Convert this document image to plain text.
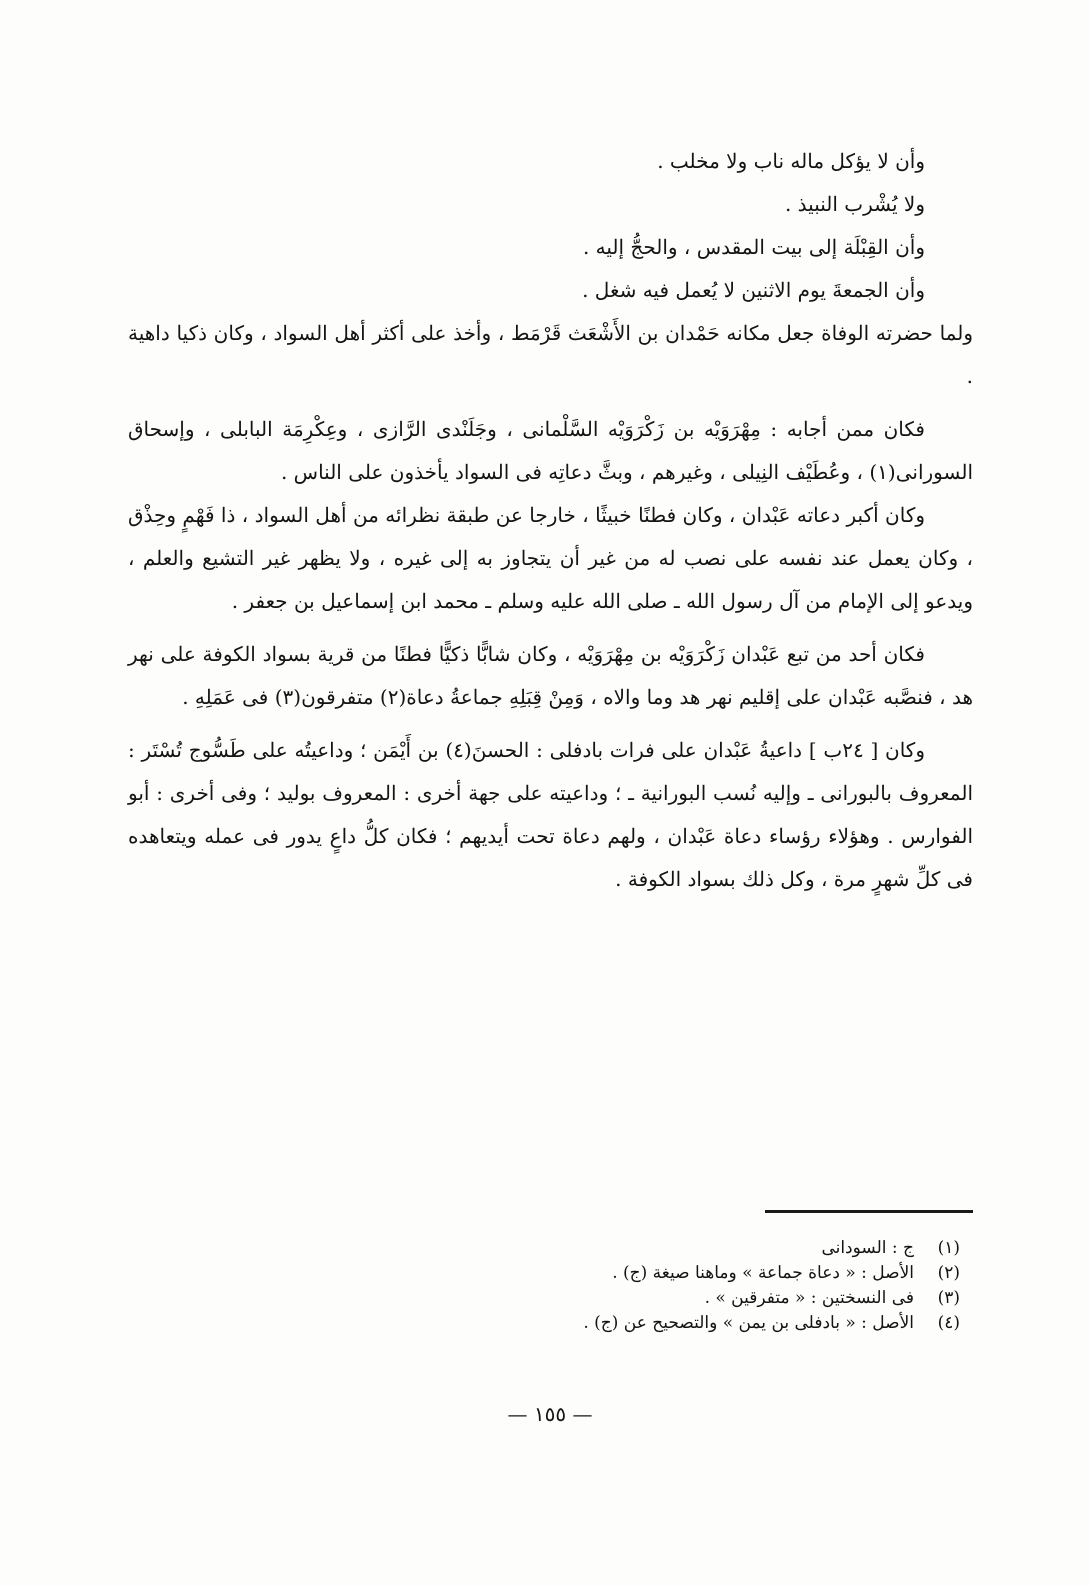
وأن لا يؤكل ماله ناب ولا مخلب .

ولا يُشْرب النبيذ .

وأن القِبْلَة إلى بيت المقدس ، والحجُّ إليه .

وأن الجمعةَ يوم الاثنين لا يُعمل فيه شغل .

ولما حضرته الوفاة جعل مكانه حَمْدان بن الأَشْعَث قَرْمَط ، وأخذ على أكثر أهل السواد ، وكان ذكيا داهية .

فكان ممن أجابه : مِهْرَوَيْه بن زَكْرَوَيْه السَّلْمانى ، وجَلَنْدى الرَّازى ، وعِكْرِمَة البابلى ، وإسحاق السورانى(١) ، وعُطَيْف النِيلى ، وغيرهم ، وبثَّ دعاتِه فى السواد يأخذون على الناس .

وكان أكبر دعاته عَبْدان ، وكان فطنًا خبيثًا ، خارجا عن طبقة نظرائه من أهل السواد ، ذا فَهْمٍ وحِذْق ، وكان يعمل عند نفسه على نصب له من غير أن يتجاوز به إلى غيره ، ولا يظهر غير التشيع والعلم ، ويدعو إلى الإمام من آل رسول الله ـ صلى الله عليه وسلم ـ محمد ابن إسماعيل بن جعفر .

فكان أحد من تبع عَبْدان زَكْرَوَيْه بن مِهْرَوَيْه ، وكان شابًّا ذكيًّا فطنًا من قرية بسواد الكوفة على نهر هد ، فنصَّبه عَبْدان على إقليم نهر هد وما والاه ، وَمِنْ قِبَلِهِ جماعةُ دعاة(٢) متفرقون(٣) فى عَمَلِهِ .

وكان [ ٢٤ب ] داعيةُ عَبْدان على فرات بادفلى : الحسنَ(٤) بن أَيْمَن ؛ وداعيتُه على طَسُّوج تُسْتَر : المعروف بالبورانى ـ وإليه نُسب البورانية ـ ؛ وداعيته على جهة أخرى : المعروف بوليد ؛ وفى أخرى : أبو الفوارس . وهؤلاء رؤساء دعاة عَبْدان ، ولهم دعاة تحت أيديهم ؛ فكان كلُّ داعٍ يدور فى عمله ويتعاهده فى كلِّ شهرٍ مرة ، وكل ذلك بسواد الكوفة .

(١)
ج : السودانى
(٢)
الأصل : « دعاة جماعة » وماهنا صيغة (ج) .
(٣)
فى النسختين : « متفرقين » .
(٤)
الأصل : « بادفلى بن يمن » والتصحيح عن (ج) .
— ١٥٥ —
